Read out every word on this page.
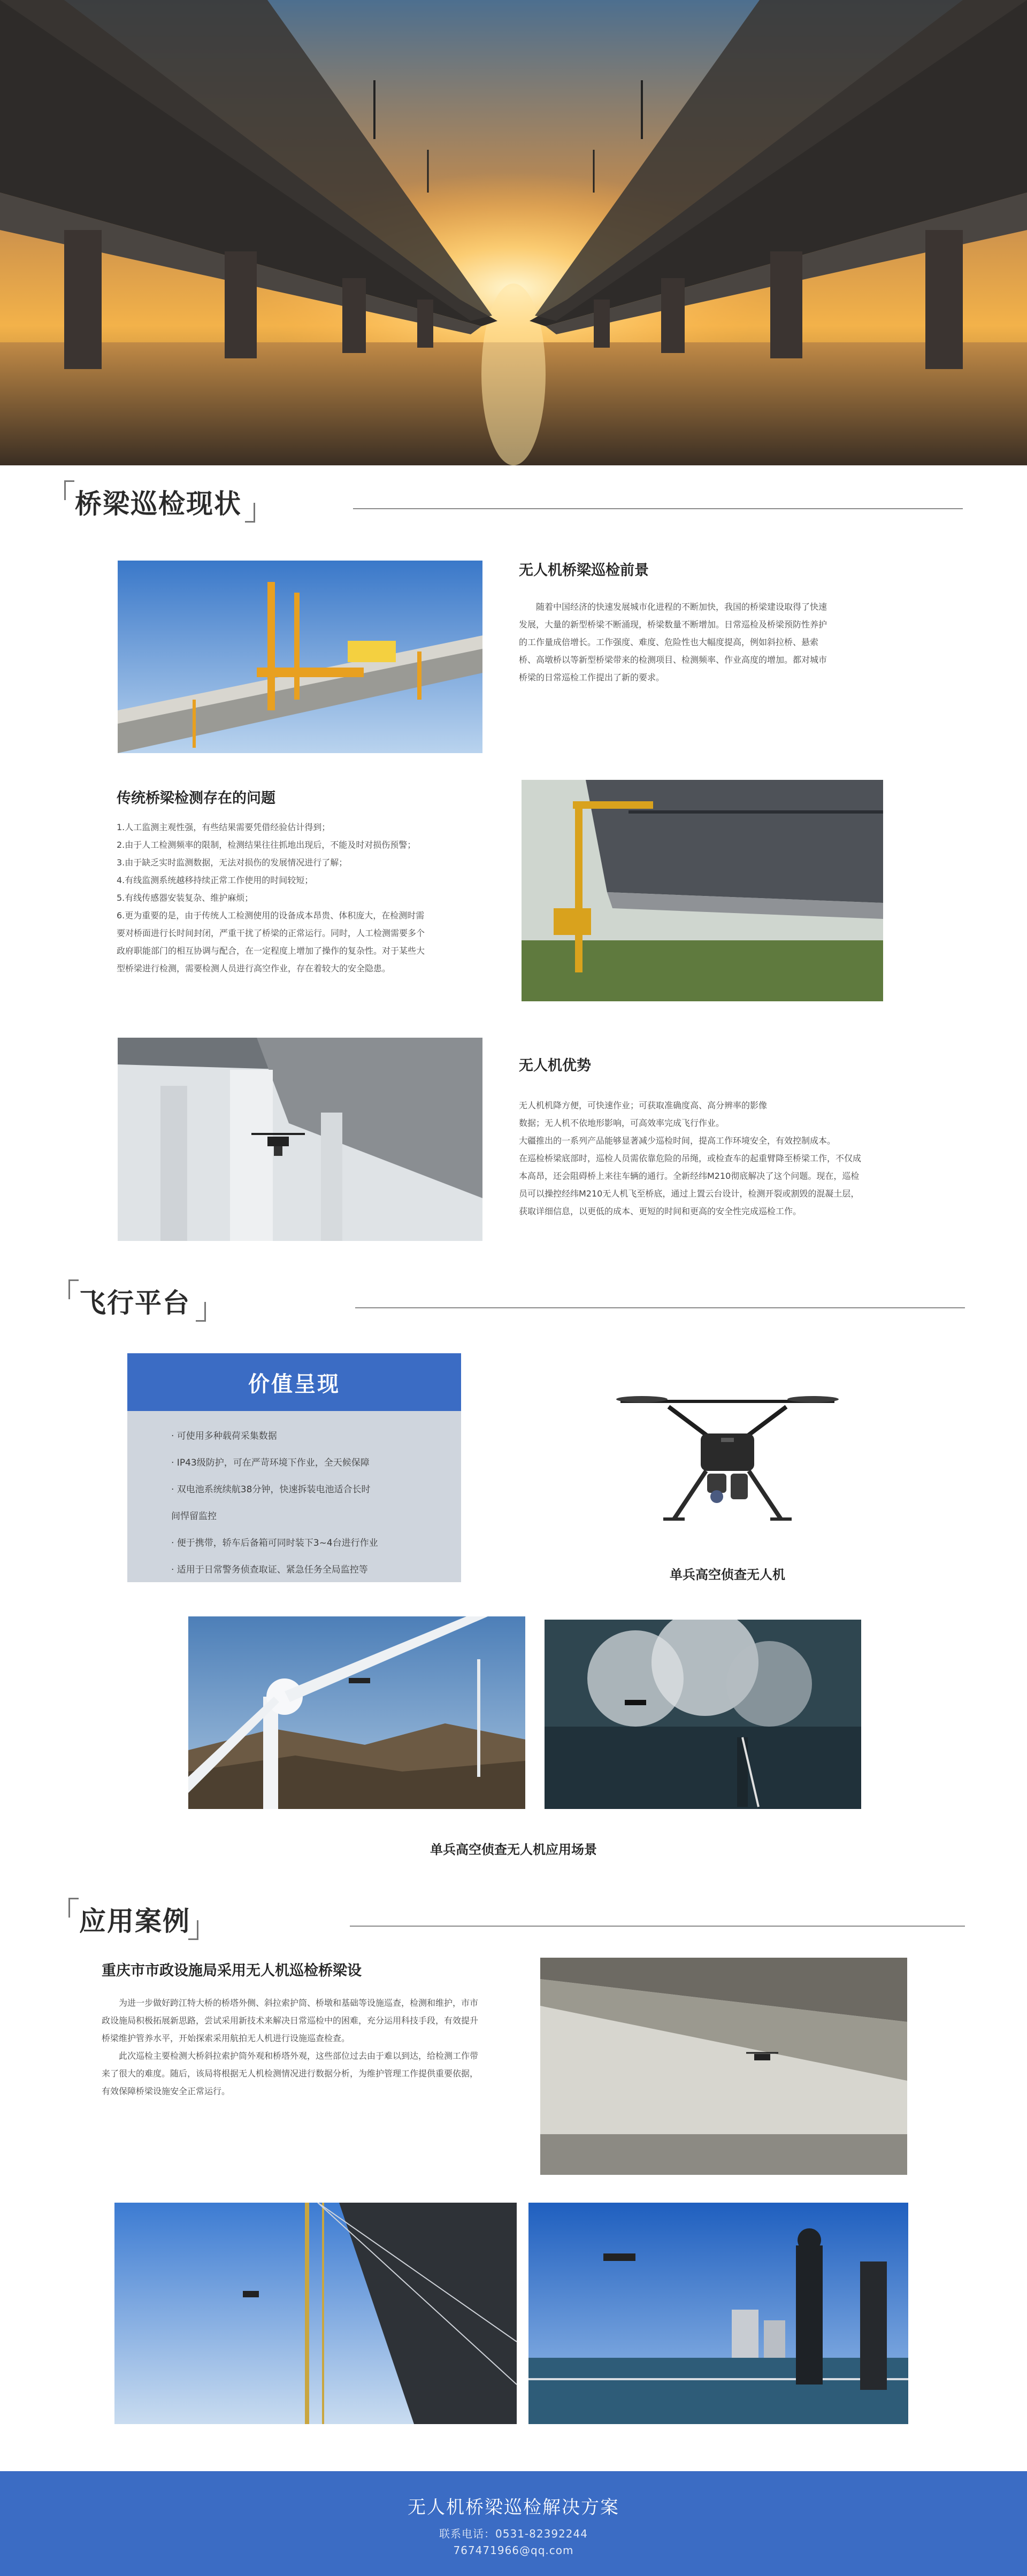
桥梁巡检现状
无人机桥梁巡检前景

随着中国经济的快速发展城市化进程的不断加快，我国的桥梁建设取得了快速发展，大量的新型桥梁不断涌现，桥梁数量不断增加。日常巡检及桥梁预防性养护的工作量成倍增长。工作强度、难度、危险性也大幅度提高，例如斜拉桥、悬索桥、高墩桥以等新型桥梁带来的检测项目、检测频率、作业高度的增加。都对城市桥梁的日常巡检工作提出了新的要求。

传统桥梁检测存在的问题

1.人工监测主观性强，有些结果需要凭借经验估计得到；

2.由于人工检测频率的限制，检测结果往往抓地出现后，不能及时对损伤预警；

3.由于缺乏实时监测数据，无法对损伤的发展情况进行了解；

4.有线监测系统越移持续正常工作使用的时间较短；

5.有线传感器安装复杂、维护麻烦；

6.更为重要的是，由于传统人工检测使用的设备成本昂贵、体积庞大，在检测时需

要对桥面进行长时间封闭，严重干扰了桥梁的正常运行。同时，人工检测需要多个

政府职能部门的相互协调与配合，在一定程度上增加了操作的复杂性。对于某些大

型桥梁进行检测，需要检测人员进行高空作业，存在着较大的安全隐患。

无人机优势

无人机机降方便，可快速作业；可获取准确度高、高分辨率的影像

数据；无人机不依地形影响，可高效率完成飞行作业。

大疆推出的一系列产品能够显著减少巡检时间，提高工作环境安全，有效控制成本。

在巡检桥梁底部时，巡检人员需依靠危险的吊绳，或检查车的起重臂降至桥梁工作，不仅成

本高昂，还会阻碍桥上来往车辆的通行。全新经纬M210彻底解决了这个问题。现在，巡检

员可以操控经纬M210无人机飞至桥底，通过上置云台设计，检测开裂或割毁的混凝土层，

获取详细信息，以更低的成本、更短的时间和更高的安全性完成巡检工作。

飞行平台
价值呈现
· 可使用多种载荷采集数据
· IP43级防护，可在严苛环境下作业，全天候保障
· 双电池系统续航38分钟，快速拆装电池适合长时
间悍留监控
· 便于携带，轿车后备箱可同时装下3~4台进行作业
· 适用于日常警务侦查取证、紧急任务全局监控等	单兵高空侦查无人机
单兵高空侦查无人机应用场景
应用案例
重庆市市政设施局采用无人机巡检桥梁设

为进一步做好跨江特大桥的桥塔外侧、斜拉索护筒、桥墩和基础等设施巡查，检测和维护，市市政设施局积极拓展新思路，尝试采用新技术来解决日常巡检中的困难，充分运用科技手段，有效提升桥梁维护管养水平，开始探索采用航拍无人机进行设施巡查检查。

此次巡检主要检测大桥斜拉索护筒外观和桥塔外观，这些部位过去由于难以到达，给检测工作带来了很大的难度。随后，该局将根据无人机检测情况进行数据分析，为维护管理工作提供重要依据，有效保障桥梁设施安全正常运行。

无人机桥梁巡检解决方案
联系电话：0531-82392244
767471966@qq.com
